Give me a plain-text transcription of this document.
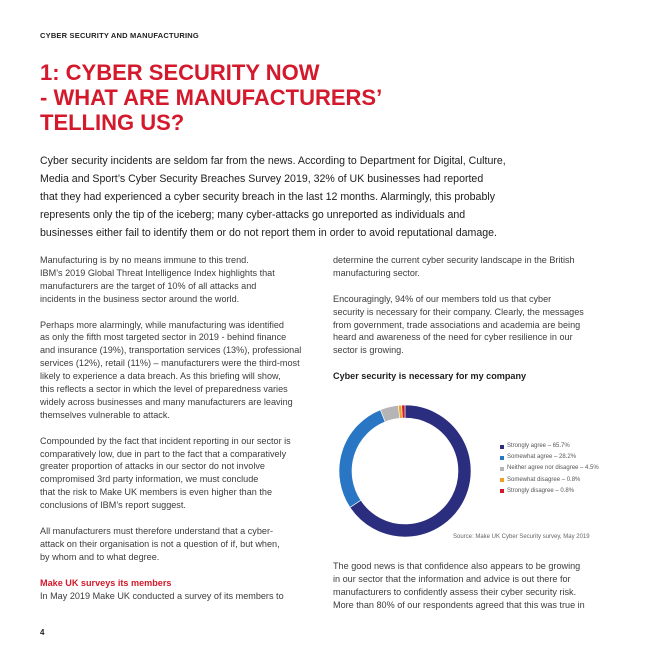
CYBER SECURITY AND MANUFACTURING
1: CYBER SECURITY NOW
- WHAT ARE MANUFACTURERS’
TELLING US?
Cyber security incidents are seldom far from the news. According to Department for Digital, Culture,
Media and Sport’s Cyber Security Breaches Survey 2019, 32% of UK businesses had reported
that they had experienced a cyber security breach in the last 12 months. Alarmingly, this probably
represents only the tip of the iceberg; many cyber-attacks go unreported as individuals and
businesses either fail to identify them or do not report them in order to avoid reputational damage.
Manufacturing is by no means immune to this trend.
IBM’s 2019 Global Threat Intelligence Index highlights that
manufacturers are the target of 10% of all attacks and
incidents in the business sector around the world.
Perhaps more alarmingly, while manufacturing was identified
as only the fifth most targeted sector in 2019 - behind finance
and insurance (19%), transportation services (13%), professional
services (12%), retail (11%) – manufacturers were the third-most
likely to experience a data breach. As this briefing will show,
this reflects a sector in which the level of preparedness varies
widely across businesses and many manufacturers are leaving
themselves vulnerable to attack.
Compounded by the fact that incident reporting in our sector is
comparatively low, due in part to the fact that a comparatively
greater proportion of attacks in our sector do not involve
compromised 3rd party information, we must conclude
that the risk to Make UK members is even higher than the
conclusions of IBM’s report suggest.
All manufacturers must therefore understand that a cyber-
attack on their organisation is not a question of if, but when,
by whom and to what degree.
Make UK surveys its members
In May 2019 Make UK conducted a survey of its members to
determine the current cyber security landscape in the British
manufacturing sector.
Encouragingly, 94% of our members told us that cyber
security is necessary for their company. Clearly, the messages
from government, trade associations and academia are being
heard and awareness of the need for cyber resilience in our
sector is growing.
Cyber security is necessary for my company
The good news is that confidence also appears to be growing
in our sector that the information and advice is out there for
manufacturers to confidently assess their cyber security risk.
More than 80% of our respondents agreed that this was true in
Strongly agree – 65.7%
Somewhat agree – 28.2%
Neither agree nor disagree – 4.5%
Somewhat disagree – 0.8%
Strongly disagree – 0.8%
Source: Make UK Cyber Security survey, May 2019
4
